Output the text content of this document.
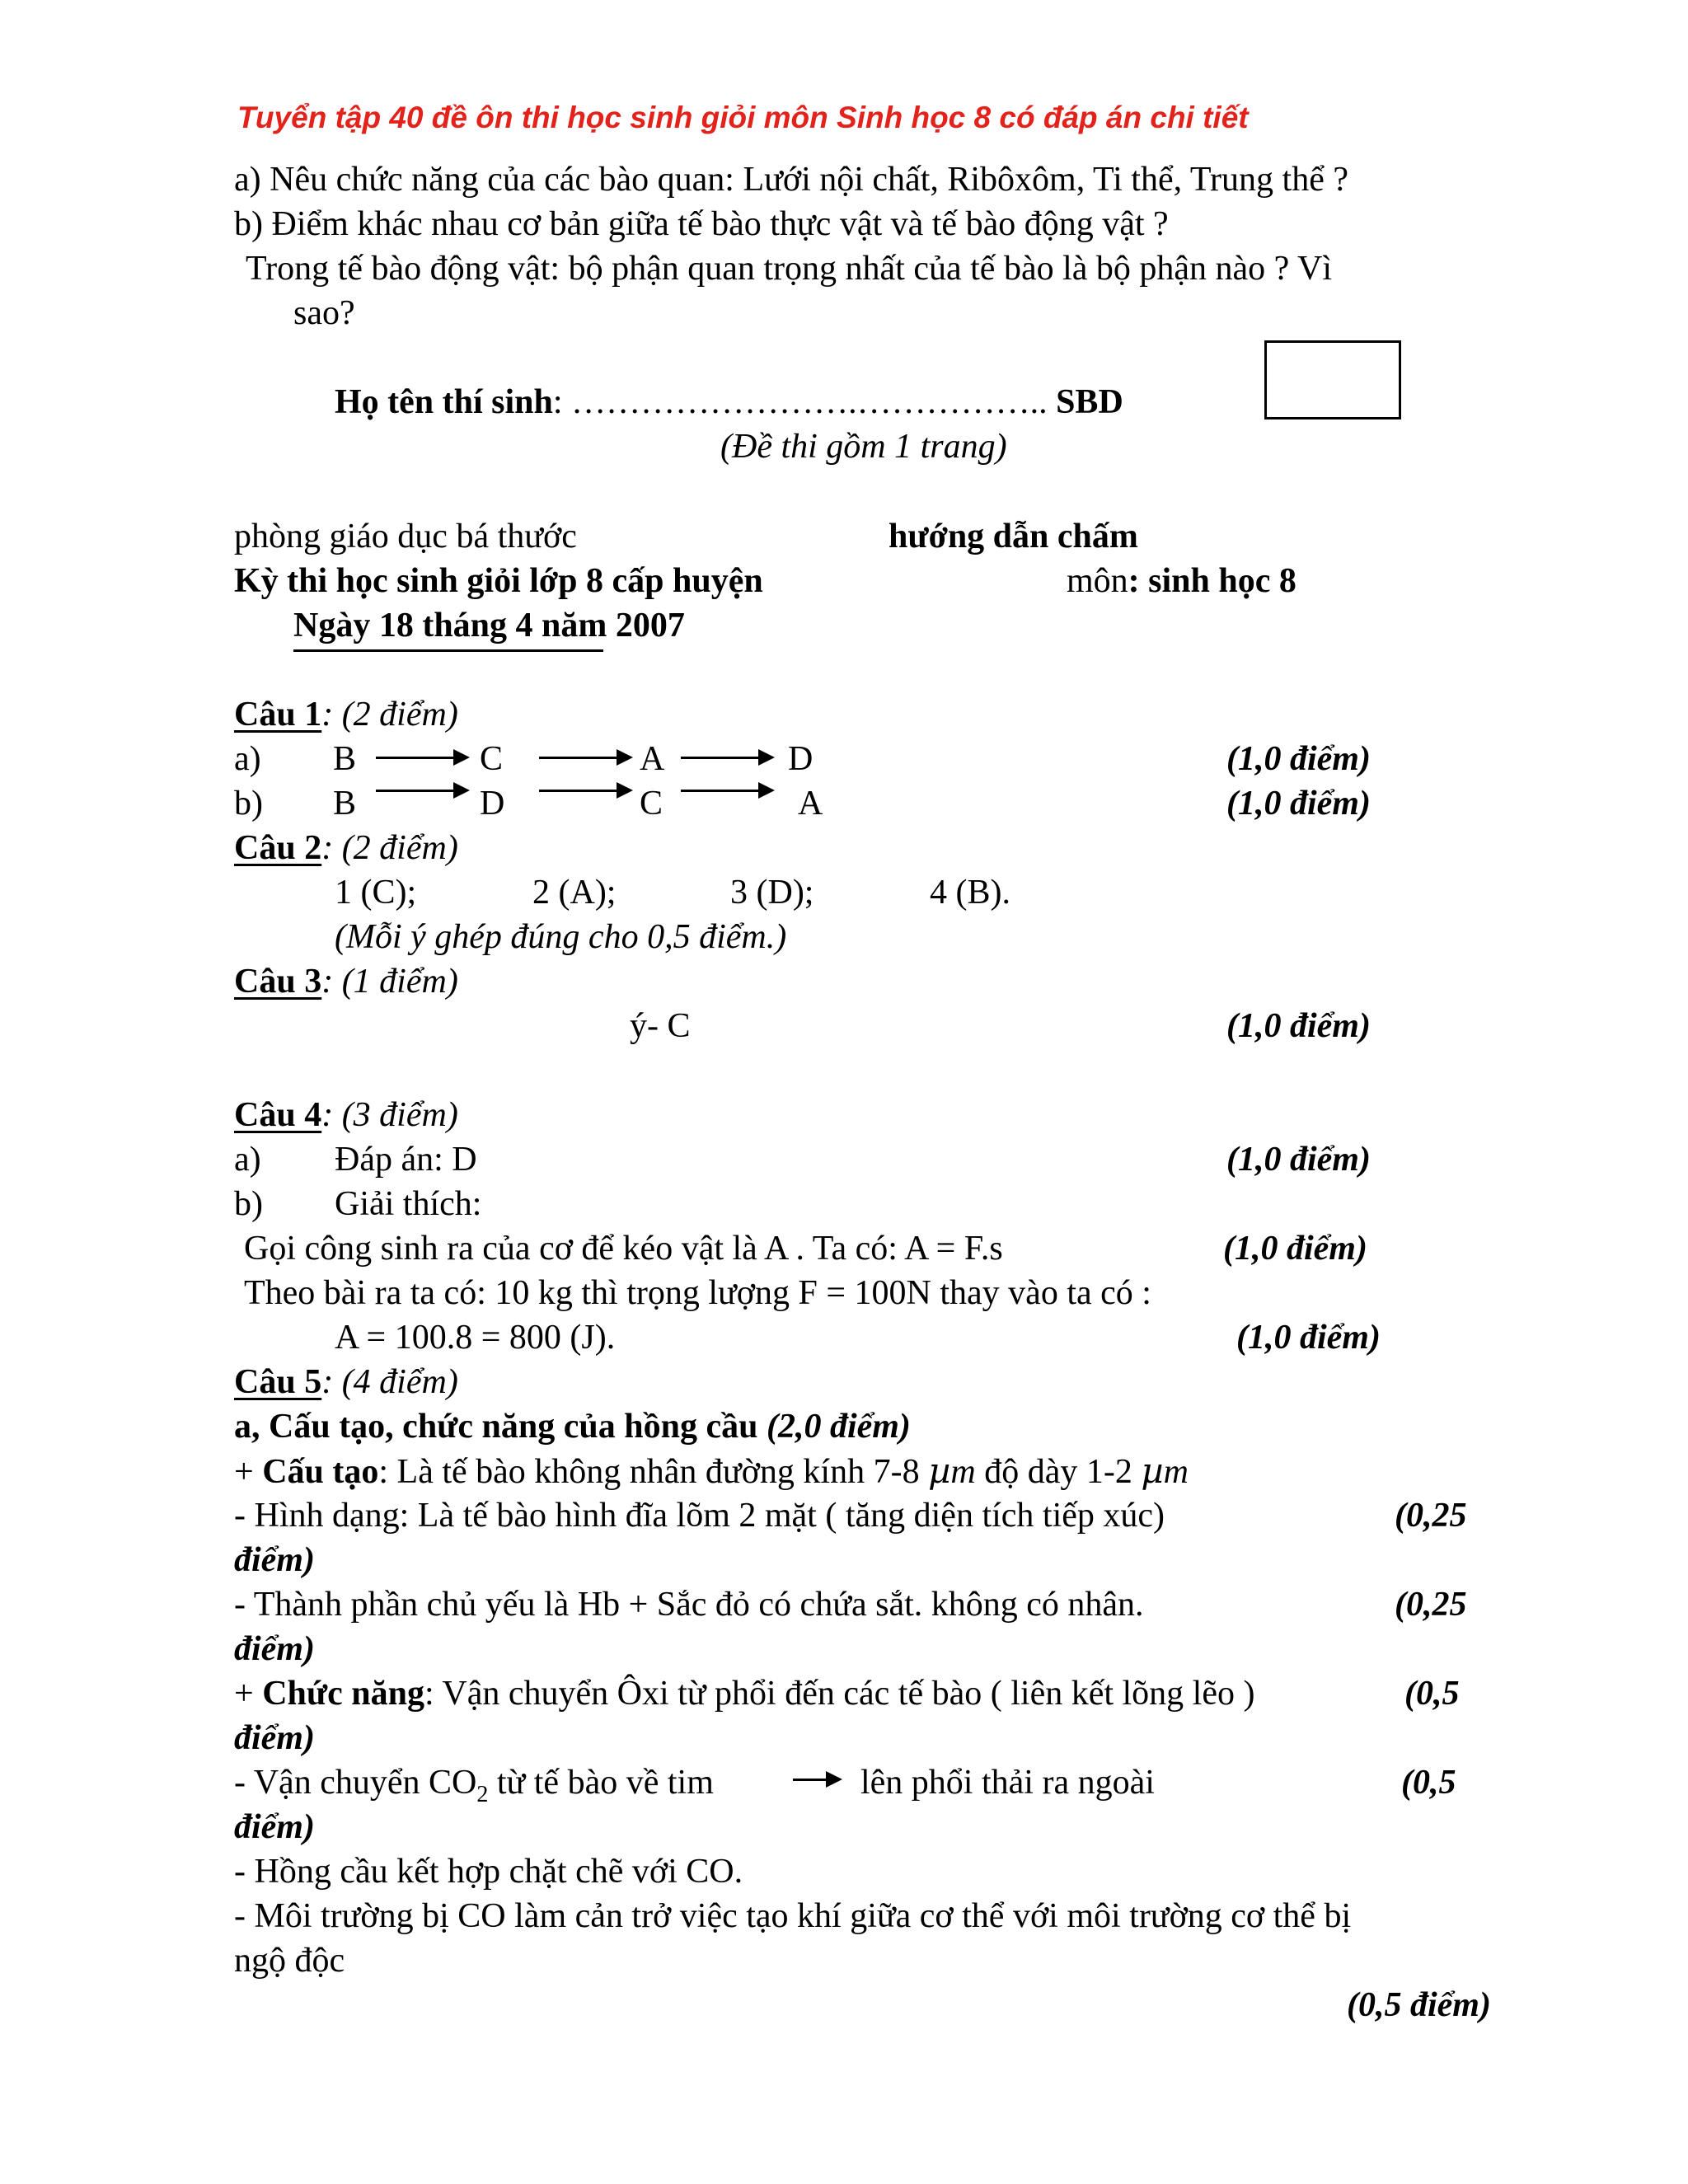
Tuyển tập 40 đề ôn thi học sinh giỏi môn Sinh học 8 có đáp án chi tiết
a) Nêu chức năng của các bào quan: Lưới nội chất, Ribôxôm, Ti thể, Trung thể ?
b) Điểm khác nhau cơ bản giữa tế bào thực vật và tế bào động vật ?
Trong tế bào động vật: bộ phận quan trọng nhất của tế bào là bộ phận nào ? Vì
sao?
Họ tên thí sinh: …………………….…………….. SBD
(Đề thi gồm 1 trang)
phòng giáo dục bá thước	hướng dẫn chấm
Kỳ thi học sinh giỏi lớp 8 cấp huyện	môn: sinh học 8
Ngày 18 tháng 4 năm 2007
Câu 1: (2 điểm)
a) B	C	A	D	(1,0 điểm)
b) B	D	C	A	(1,0 điểm)
Câu 2: (2 điểm)
1 (C);	2 (A);	3 (D);	4 (B).
(Mỗi ý ghép đúng cho 0,5 điểm.)
Câu 3: (1 điểm)
ý- C	(1,0 điểm)
Câu 4: (3 điểm)
a) Đáp án: D	(1,0 điểm)
b) Giải thích:
Gọi công sinh ra của cơ để kéo vật là A . Ta có: A = F.s	(1,0 điểm)
Theo bài ra ta có: 10 kg thì trọng lượng F = 100N thay vào ta có :
A = 100.8 = 800 (J).	(1,0 điểm)
Câu 5: (4 điểm)
a, Cấu tạo, chức năng của hồng cầu (2,0 điểm)
+ Cấu tạo: Là tế bào không nhân đường kính 7-8 µm độ dày 1-2 µm
- Hình dạng: Là tế bào hình đĩa lõm 2 mặt ( tăng diện tích tiếp xúc)	(0,25
điểm)
- Thành phần chủ yếu là Hb + Sắc đỏ có chứa sắt. không có nhân.	(0,25
điểm)
+ Chức năng: Vận chuyển Ôxi từ phổi đến các tế bào ( liên kết lõng lẽo )	(0,5
điểm)
- Vận chuyển $CO_2$ từ tế bào về tim	lên phổi thải ra ngoài	(0,5
điểm)
- Hồng cầu kết hợp chặt chẽ với CO.
- Môi trường bị CO làm cản trở việc tạo khí giữa cơ thể với môi trường cơ thể bị
ngộ độc
(0,5 điểm)
